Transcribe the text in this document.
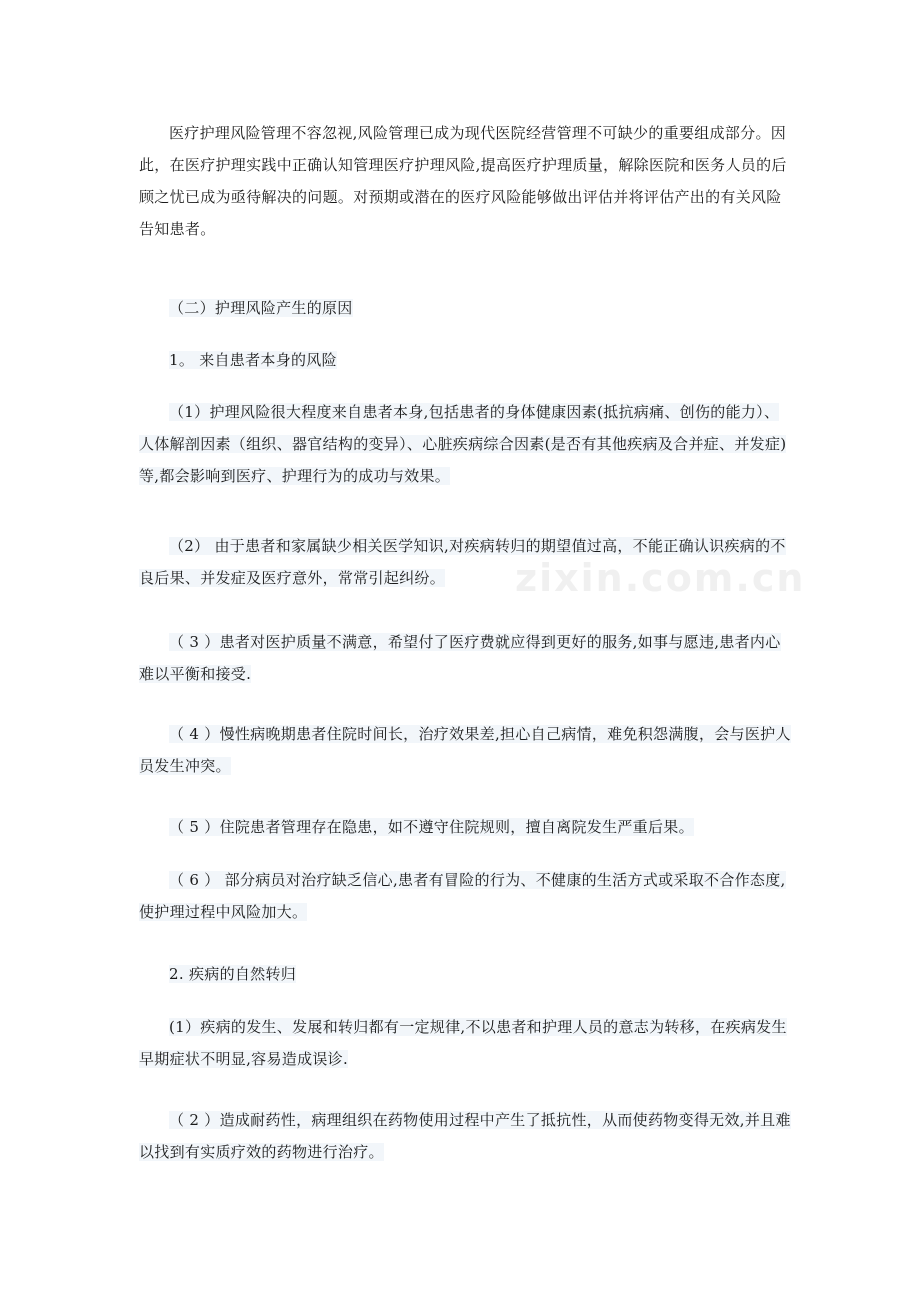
医疗护理风险管理不容忽视,风险管理已成为现代医院经营管理不可缺少的重要组成部分。因此，在医疗护理实践中正确认知管理医疗护理风险,提高医疗护理质量，解除医院和医务人员的后顾之忧已成为亟待解决的问题。对预期或潜在的医疗风险能够做出评估并将评估产出的有关风险告知患者。

（二）护理风险产生的原因

1。 来自患者本身的风险

（1）护理风险很大程度来自患者本身,包括患者的身体健康因素(抵抗病痛、创伤的能力）、人体解剖因素（组织、器官结构的变异）、心脏疾病综合因素(是否有其他疾病及合并症、并发症)等,都会影响到医疗、护理行为的成功与效果。

（2） 由于患者和家属缺少相关医学知识,对疾病转归的期望值过高，不能正确认识疾病的不良后果、并发症及医疗意外，常常引起纠纷。

（ 3 ）患者对医护质量不满意，希望付了医疗费就应得到更好的服务,如事与愿违,患者内心难以平衡和接受.

（ 4 ）慢性病晚期患者住院时间长，治疗效果差,担心自己病情，难免积怨满腹，会与医护人员发生冲突。

（ 5 ）住院患者管理存在隐患，如不遵守住院规则，擅自离院发生严重后果。

（ 6 ） 部分病员对治疗缺乏信心,患者有冒险的行为、不健康的生活方式或采取不合作态度,使护理过程中风险加大。

2. 疾病的自然转归

(1）疾病的发生、发展和转归都有一定规律,不以患者和护理人员的意志为转移，在疾病发生早期症状不明显,容易造成误诊.

（ 2 ）造成耐药性，病理组织在药物使用过程中产生了抵抗性，从而使药物变得无效,并且难以找到有实质疗效的药物进行治疗。

zixin.com.cn
